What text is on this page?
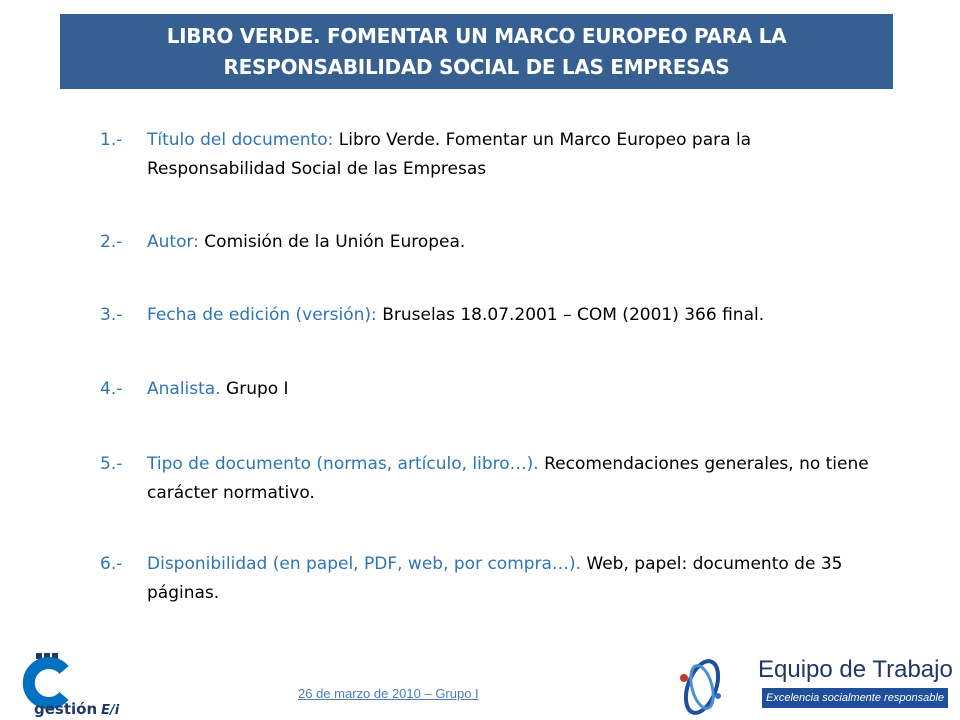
LIBRO VERDE. FOMENTAR UN MARCO EUROPEO PARA LA
RESPONSABILIDAD SOCIAL DE LAS EMPRESAS
1.-	Título del documento: Libro Verde. Fomentar un Marco Europeo para la Responsabilidad Social de las Empresas
2.-	Autor: Comisión de la Unión Europea.
3.-	Fecha de edición (versión): Bruselas 18.07.2001 – COM (2001) 366 final.
4.-	Analista. Grupo I
5.-	Tipo de documento (normas, artículo, libro…). Recomendaciones generales, no tiene carácter normativo.
6.-	Disponibilidad (en papel, PDF, web, por compra…). Web, papel: documento de 35 páginas.
gestión E/i
26 de marzo de 2010 – Grupo I
Equipo de Trabajo
Excelencia socialmente responsable
